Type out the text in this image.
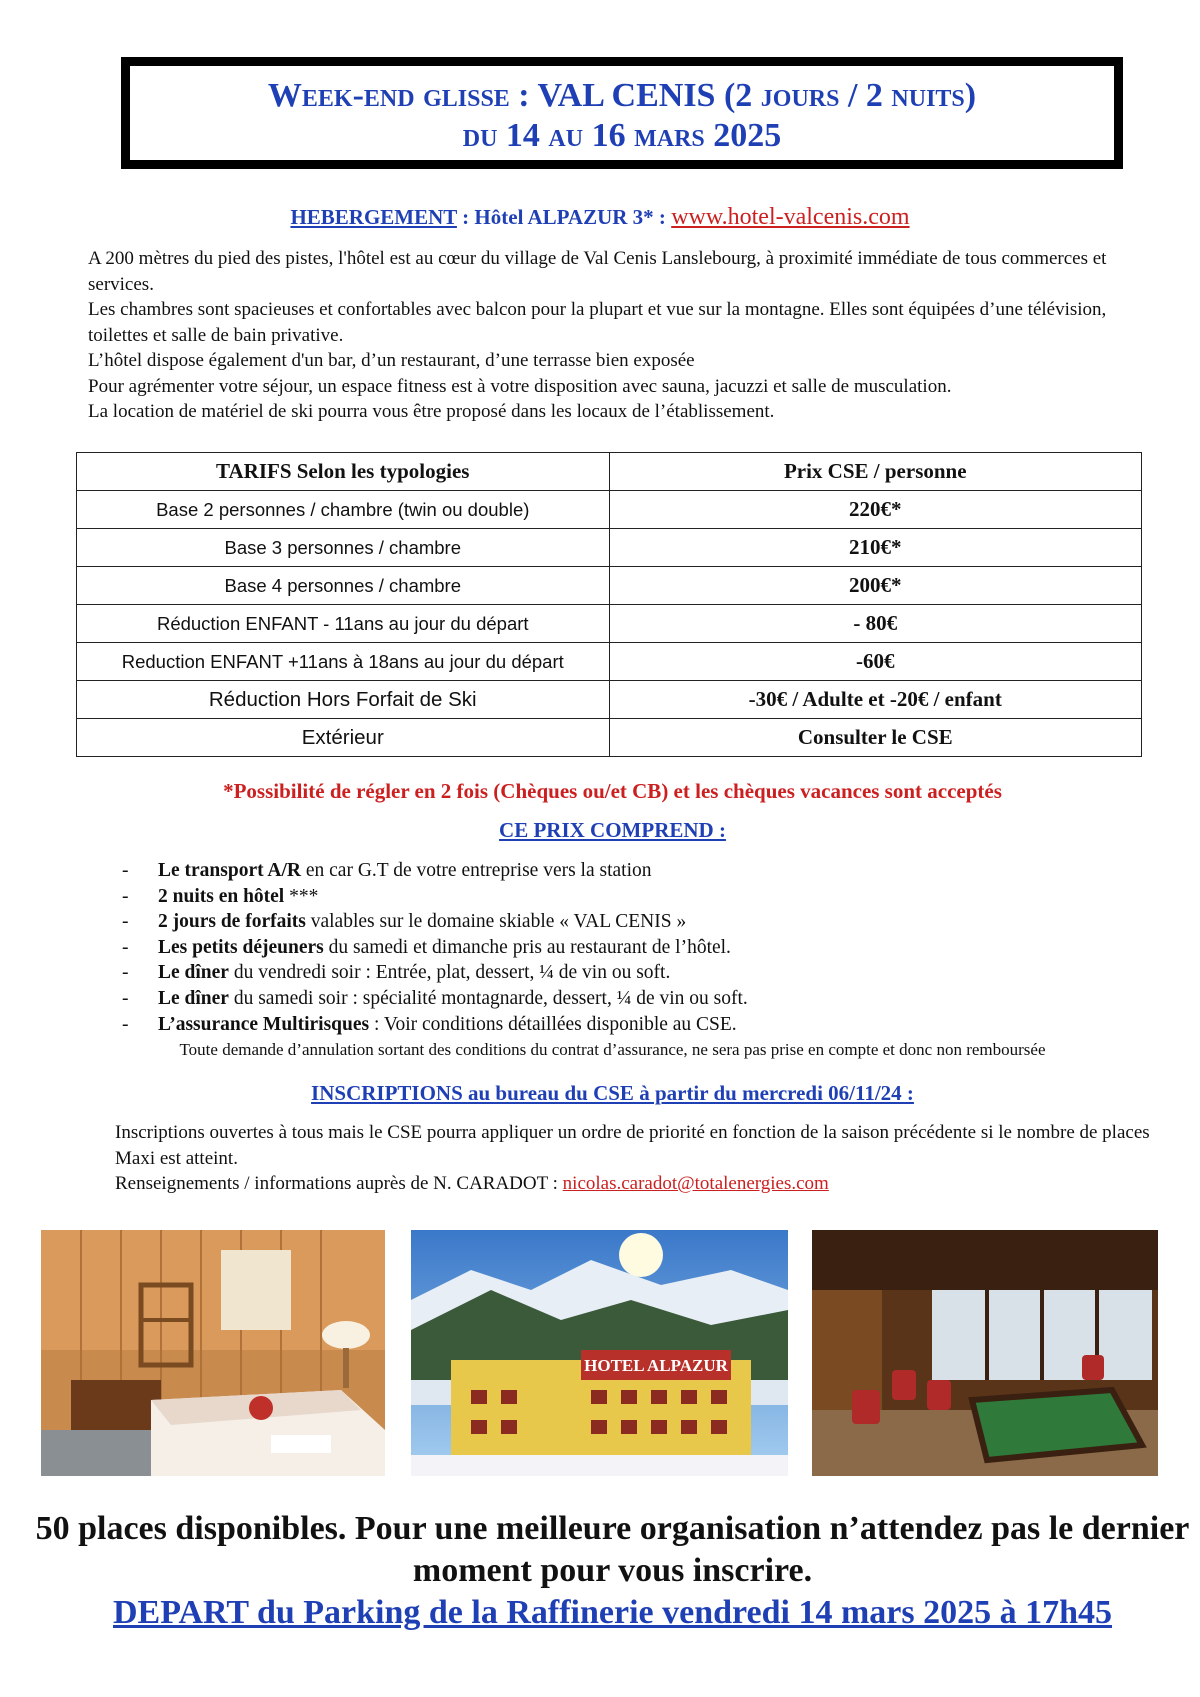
Week-end glisse : VAL CENIS (2 jours / 2 nuits)
du 14 au 16 mars 2025
HEBERGEMENT : Hôtel ALPAZUR 3* : www.hotel-valcenis.com

A 200 mètres du pied des pistes, l'hôtel est au cœur du village de Val Cenis Lanslebourg, à proximité immédiate de tous commerces et services.

Les chambres sont spacieuses et confortables avec balcon pour la plupart et vue sur la montagne. Elles sont équipées d’une télévision, toilettes et salle de bain privative.

L’hôtel dispose également d'un bar, d’un restaurant, d’une terrasse bien exposée

Pour agrémenter votre séjour, un espace fitness est à votre disposition avec sauna, jacuzzi et salle de musculation.

La location de matériel de ski pourra vous être proposé dans les locaux de l’établissement.

TARIFS Selon les typologies	Prix CSE / personne
Base 2 personnes / chambre (twin ou double)	220€*
Base 3 personnes / chambre	210€*
Base 4 personnes / chambre	200€*
Réduction ENFANT - 11ans au jour du départ	- 80€
Reduction ENFANT +11ans à 18ans au jour du départ	-60€
Réduction Hors Forfait de Ski	-30€ / Adulte et -20€ / enfant
Extérieur	Consulter le CSE
*Possibilité de régler en 2 fois (Chèques ou/et CB) et les chèques vacances sont acceptés
CE PRIX COMPREND :
- Le transport A/R en car G.T de votre entreprise vers la station
- 2 nuits en hôtel ***
- 2 jours de forfaits valables sur le domaine skiable « VAL CENIS »
- Les petits déjeuners du samedi et dimanche pris au restaurant de l’hôtel.
- Le dîner du vendredi soir : Entrée, plat, dessert, ¼ de vin ou soft.
- Le dîner du samedi soir : spécialité montagnarde, dessert, ¼ de vin ou soft.
- L’assurance Multirisques : Voir conditions détaillées disponible au CSE.
Toute demande d’annulation sortant des conditions du contrat d’assurance, ne sera pas prise en compte et donc non remboursée
INSCRIPTIONS au bureau du CSE à partir du mercredi 06/11/24 :

Inscriptions ouvertes à tous mais le CSE pourra appliquer un ordre de priorité en fonction de la saison précédente si le nombre de places Maxi est atteint.

Renseignements / informations auprès de N. CARADOT : nicolas.caradot@totalenergies.com

HOTEL ALPAZUR
50 places disponibles. Pour une meilleure organisation n’attendez pas le dernier moment pour vous inscrire.
DEPART du Parking de la Raffinerie vendredi 14 mars 2025 à 17h45
